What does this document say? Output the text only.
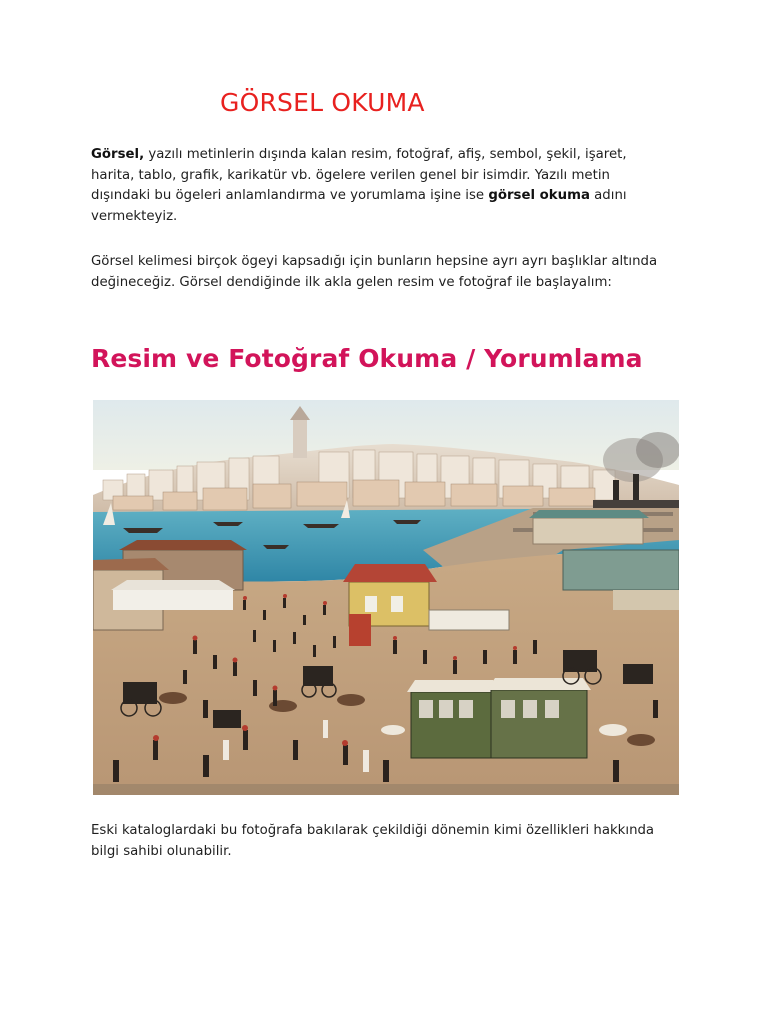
GÖRSEL OKUMA

Görsel, yazılı metinlerin dışında kalan resim, fotoğraf, afiş, sembol, şekil, işaret, harita, tablo, grafik, karikatür vb. ögelere verilen genel bir isimdir. Yazılı metin dışındaki bu ögeleri anlamlandırma ve yorumlama işine ise görsel okuma adını vermekteyiz.

Görsel kelimesi birçok ögeyi kapsadığı için bunların hepsine ayrı ayrı başlıklar altında değineceğiz. Görsel dendiğinde ilk akla gelen resim ve fotoğraf ile başlayalım:

Resim ve Fotoğraf Okuma / Yorumlama

Eski kataloglardaki bu fotoğrafa bakılarak çekildiği dönemin kimi özellikleri hakkında bilgi sahibi olunabilir.
